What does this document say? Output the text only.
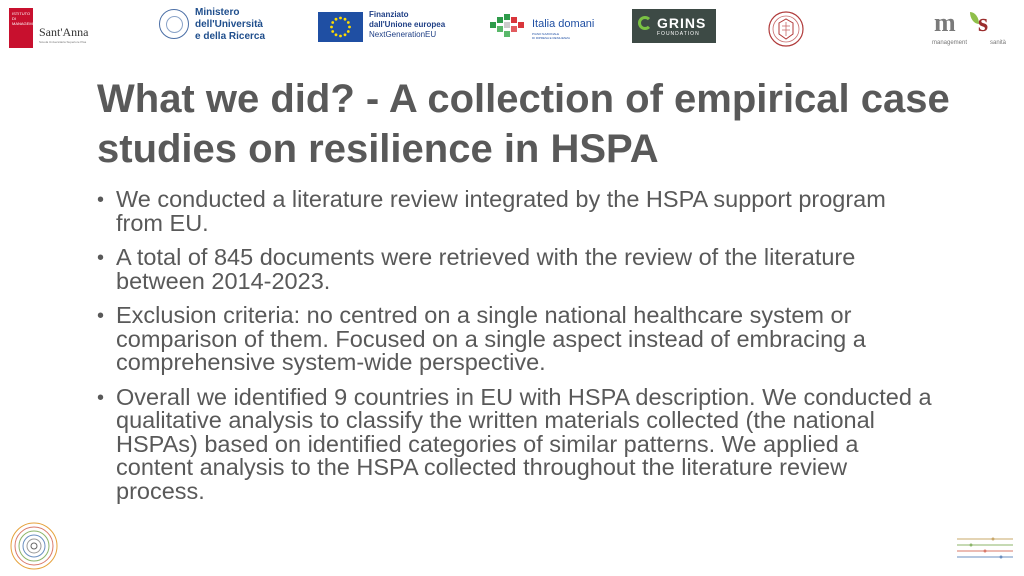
ISTITUTO

DI MANAGEMENT
Sant'Anna
Scuola Universitaria Superiore Pisa
Ministero
dell'Università
e della Ricerca
Finanziato
dall'Unione europea
NextGenerationEU
Italia domani
PIANO NAZIONALE
DI RIPRESA E RESILIENZA
GRINS
FOUNDATION	m s
management	sanità
What we did? - A collection of empirical case studies on resilience in HSPA
• We conducted a literature review integrated by the HSPA support program from EU.
• A total of 845 documents were retrieved with the review of the literature between 2014-2023.
• Exclusion criteria: no centred on a single national healthcare system or comparison of them. Focused on a single aspect instead of embracing a comprehensive system-wide perspective.
• Overall we identified 9 countries in EU with HSPA description. We conducted a qualitative analysis to classify the written materials collected (the national HSPAs) based on identified categories of similar patterns. We applied a content analysis to the HSPA collected throughout the literature review process.
